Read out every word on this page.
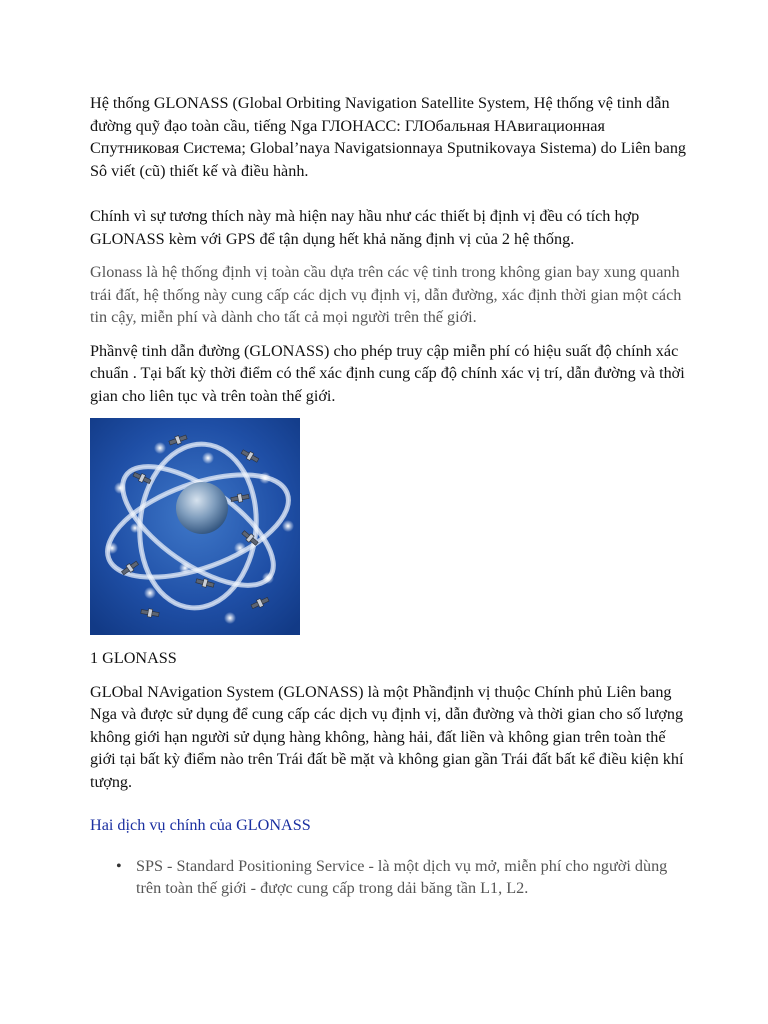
Hệ thống GLONASS (Global Orbiting Navigation Satellite System, Hệ thống vệ tinh dẫn đường quỹ đạo toàn cầu, tiếng Nga ГЛОНАСС: ГЛОбальная НАвигационная Спутниковая Система; Global’naya Navigatsionnaya Sputnikovaya Sistema) do Liên bang Sô viết (cũ) thiết kế và điều hành.

Chính vì sự tương thích này mà hiện nay hầu như các thiết bị định vị đều có tích hợp GLONASS kèm với GPS để tận dụng hết khả năng định vị của 2 hệ thống.

Glonass là hệ thống định vị toàn cầu dựa trên các vệ tinh trong không gian bay xung quanh trái đất, hệ thống này cung cấp các dịch vụ định vị, dẫn đường, xác định thời gian một cách tin cậy, miễn phí và dành cho tất cả mọi người trên thế giới.

Phầnvệ tinh dẫn đường (GLONASS) cho phép truy cập miễn phí có hiệu suất độ chính xác chuẩn . Tại bất kỳ thời điểm có thể xác định cung cấp độ chính xác vị trí, dẫn đường và thời gian cho liên tục và trên toàn thế giới.

1 GLONASS

GLObal NAvigation System (GLONASS) là một Phầnđịnh vị thuộc Chính phủ Liên bang Nga và được sử dụng để cung cấp các dịch vụ định vị, dẫn đường và thời gian cho số lượng không giới hạn người sử dụng hàng không, hàng hải, đất liền và không gian trên toàn thế giới tại bất kỳ điểm nào trên Trái đất bề mặt và không gian gần Trái đất bất kể điều kiện khí tượng.

Hai dịch vụ chính của GLONASS
• SPS - Standard Positioning Service - là một dịch vụ mở, miễn phí cho người dùng trên toàn thế giới - được cung cấp trong dải băng tần L1, L2.
